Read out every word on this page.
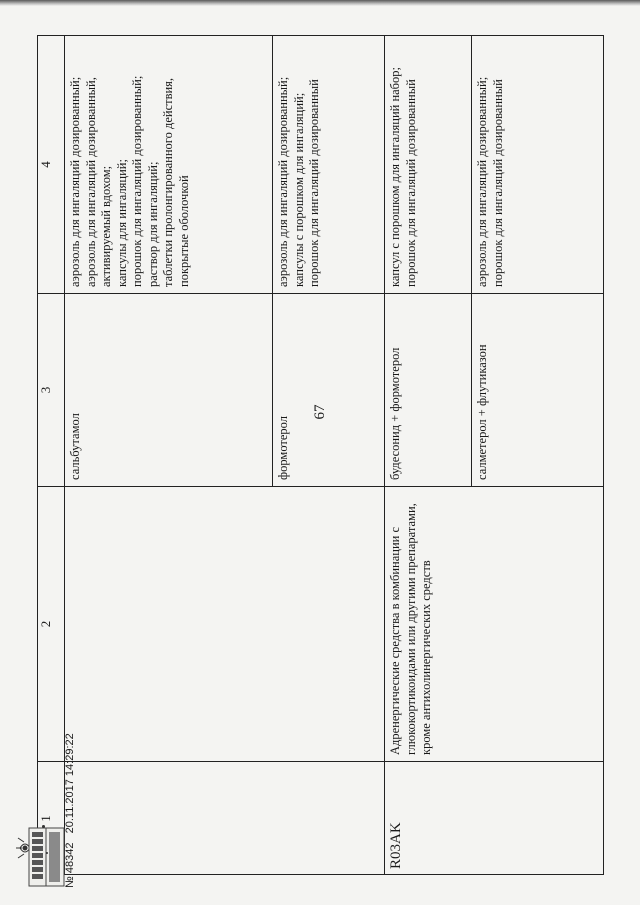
67
1
2
3
4
сальбутамол
аэрозоль для ингаляций дозированный;
аэрозоль для ингаляций дозированный, активируемый вдохом;
капсулы для ингаляций;
порошок для ингаляций дозированный;
раствор для ингаляций;
таблетки пролонгированного действия, покрытые оболочкой
формотерол
аэрозоль для ингаляций дозированный;
капсулы с порошком для ингаляций;
порошок для ингаляций дозированный
R03AK
Адренергические средства в комбинации с глюкокортикоидами или другими препаратами, кроме антихолинергических средств
будесонид + формотерол
капсул с порошком для ингаляций набор;
порошок для ингаляций дозированный
салметерол + флутиказон
аэрозоль для ингаляций дозированный;
порошок для ингаляций дозированный
№ 48342   20.11.2017 14:29:22
